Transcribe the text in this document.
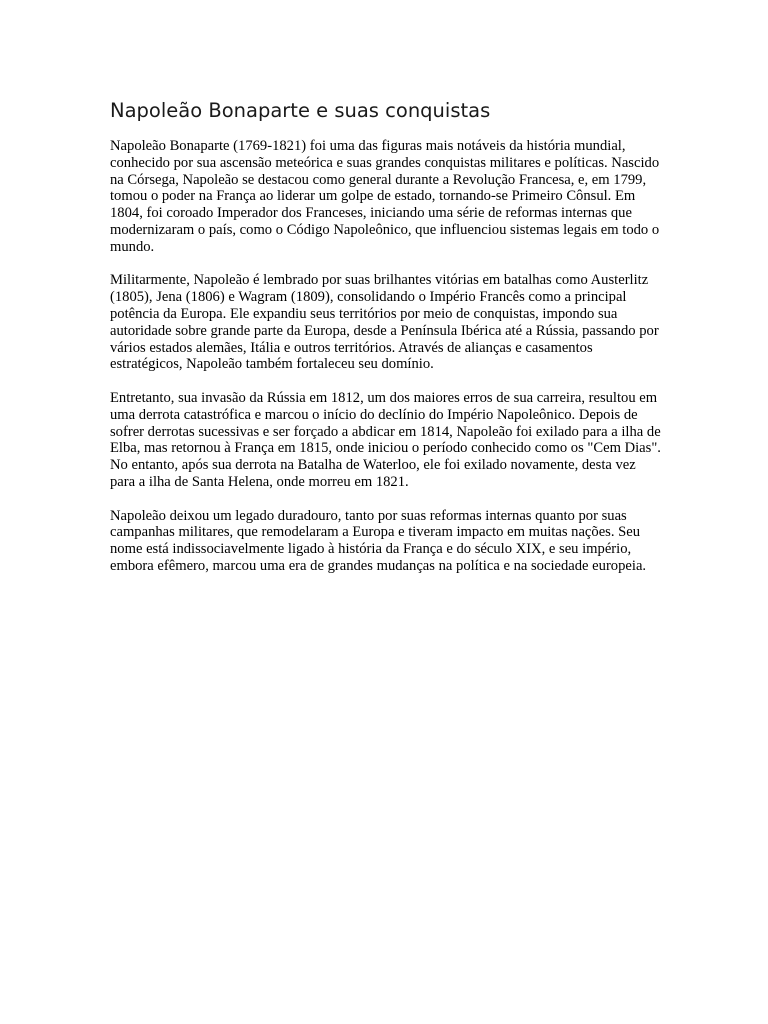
Napoleão Bonaparte e suas conquistas

Napoleão Bonaparte (1769-1821) foi uma das figuras mais notáveis da história mundial, conhecido por sua ascensão meteórica e suas grandes conquistas militares e políticas. Nascido na Córsega, Napoleão se destacou como general durante a Revolução Francesa, e, em 1799, tomou o poder na França ao liderar um golpe de estado, tornando-se Primeiro Cônsul. Em 1804, foi coroado Imperador dos Franceses, iniciando uma série de reformas internas que modernizaram o país, como o Código Napoleônico, que influenciou sistemas legais em todo o mundo.

Militarmente, Napoleão é lembrado por suas brilhantes vitórias em batalhas como Austerlitz (1805), Jena (1806) e Wagram (1809), consolidando o Império Francês como a principal potência da Europa. Ele expandiu seus territórios por meio de conquistas, impondo sua autoridade sobre grande parte da Europa, desde a Península Ibérica até a Rússia, passando por vários estados alemães, Itália e outros territórios. Através de alianças e casamentos estratégicos, Napoleão também fortaleceu seu domínio.

Entretanto, sua invasão da Rússia em 1812, um dos maiores erros de sua carreira, resultou em uma derrota catastrófica e marcou o início do declínio do Império Napoleônico. Depois de sofrer derrotas sucessivas e ser forçado a abdicar em 1814, Napoleão foi exilado para a ilha de Elba, mas retornou à França em 1815, onde iniciou o período conhecido como os "Cem Dias". No entanto, após sua derrota na Batalha de Waterloo, ele foi exilado novamente, desta vez para a ilha de Santa Helena, onde morreu em 1821.

Napoleão deixou um legado duradouro, tanto por suas reformas internas quanto por suas campanhas militares, que remodelaram a Europa e tiveram impacto em muitas nações. Seu nome está indissociavelmente ligado à história da França e do século XIX, e seu império, embora efêmero, marcou uma era de grandes mudanças na política e na sociedade europeia.
